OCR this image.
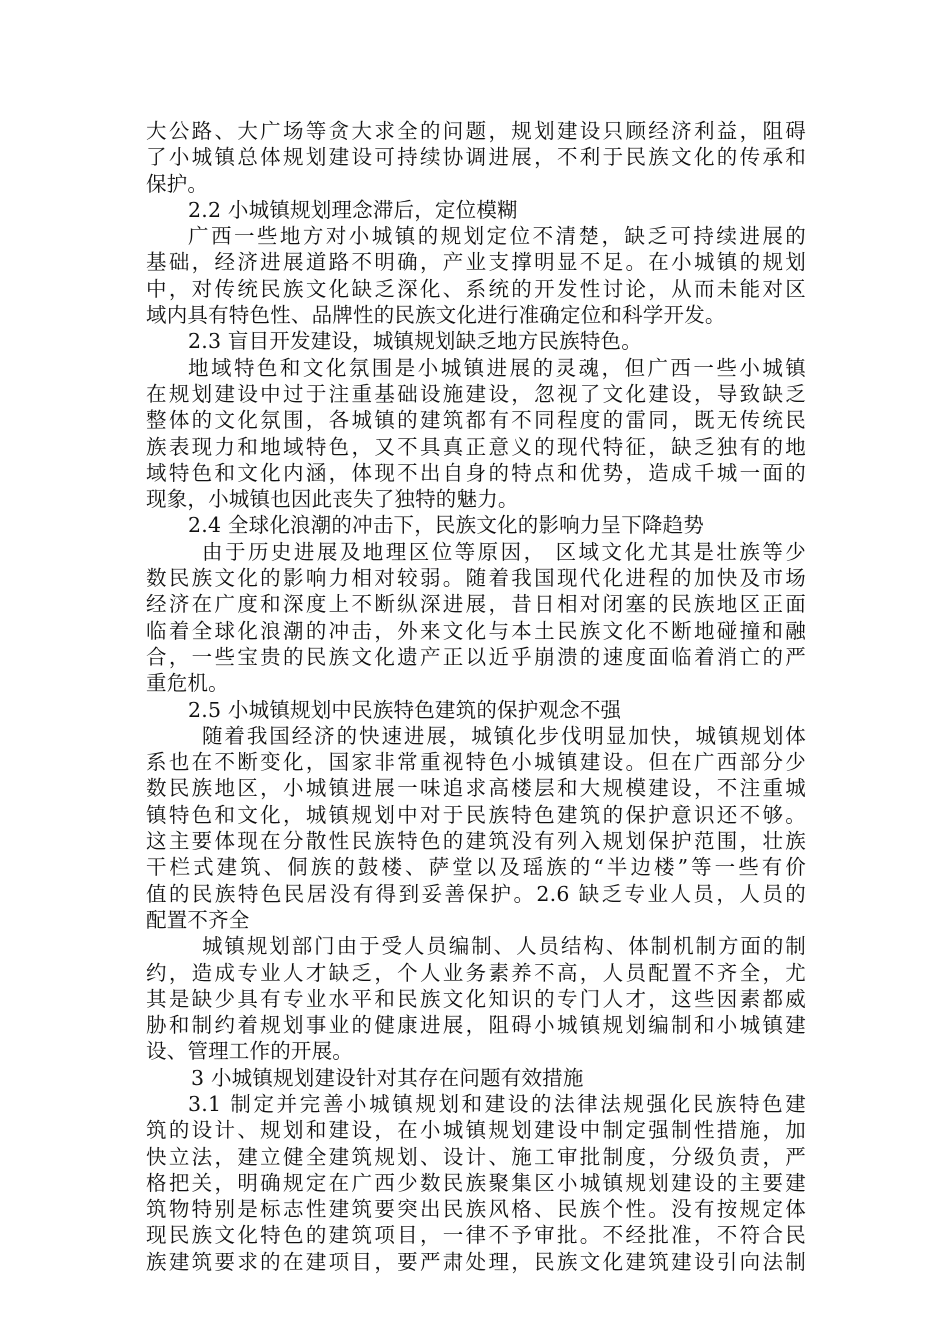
大公路、大广场等贪大求全的问题，规划建设只顾经济利益，阻碍
了小城镇总体规划建设可持续协调进展，不利于民族文化的传承和
保护。
2.2 小城镇规划理念滞后，定位模糊
广西一些地方对小城镇的规划定位不清楚，缺乏可持续进展的
基础，经济进展道路不明确，产业支撑明显不足。在小城镇的规划
中，对传统民族文化缺乏深化、系统的开发性讨论，从而未能对区
域内具有特色性、品牌性的民族文化进行准确定位和科学开发。
2.3 盲目开发建设，城镇规划缺乏地方民族特色。
地域特色和文化氛围是小城镇进展的灵魂，但广西一些小城镇
在规划建设中过于注重基础设施建设，忽视了文化建设，导致缺乏
整体的文化氛围，各城镇的建筑都有不同程度的雷同，既无传统民
族表现力和地域特色，又不具真正意义的现代特征，缺乏独有的地
域特色和文化内涵，体现不出自身的特点和优势，造成千城一面的
现象，小城镇也因此丧失了独特的魅力。
2.4 全球化浪潮的冲击下，民族文化的影响力呈下降趋势
由于历史进展及地理区位等原因， 区域文化尤其是壮族等少
数民族文化的影响力相对较弱。随着我国现代化进程的加快及市场
经济在广度和深度上不断纵深进展，昔日相对闭塞的民族地区正面
临着全球化浪潮的冲击，外来文化与本土民族文化不断地碰撞和融
合，一些宝贵的民族文化遗产正以近乎崩溃的速度面临着消亡的严
重危机。
2.5 小城镇规划中民族特色建筑的保护观念不强
随着我国经济的快速进展，城镇化步伐明显加快，城镇规划体
系也在不断变化，国家非常重视特色小城镇建设。但在广西部分少
数民族地区，小城镇进展一味追求高楼层和大规模建设，不注重城
镇特色和文化，城镇规划中对于民族特色建筑的保护意识还不够。
这主要体现在分散性民族特色的建筑没有列入规划保护范围，壮族
干栏式建筑、侗族的鼓楼、萨堂以及瑶族的“半边楼”等一些有价
值的民族特色民居没有得到妥善保护。2.6 缺乏专业人员，人员的
配置不齐全
城镇规划部门由于受人员编制、人员结构、体制机制方面的制
约，造成专业人才缺乏，个人业务素养不高，人员配置不齐全，尤
其是缺少具有专业水平和民族文化知识的专门人才，这些因素都威
胁和制约着规划事业的健康进展，阻碍小城镇规划编制和小城镇建
设、管理工作的开展。
3 小城镇规划建设针对其存在问题有效措施
3.1 制定并完善小城镇规划和建设的法律法规强化民族特色建
筑的设计、规划和建设，在小城镇规划建设中制定强制性措施，加
快立法，建立健全建筑规划、设计、施工审批制度，分级负责，严
格把关，明确规定在广西少数民族聚集区小城镇规划建设的主要建
筑物特别是标志性建筑要突出民族风格、民族个性。没有按规定体
现民族文化特色的建筑项目，一律不予审批。不经批准，不符合民
族建筑要求的在建项目，要严肃处理，民族文化建筑建设引向法制
